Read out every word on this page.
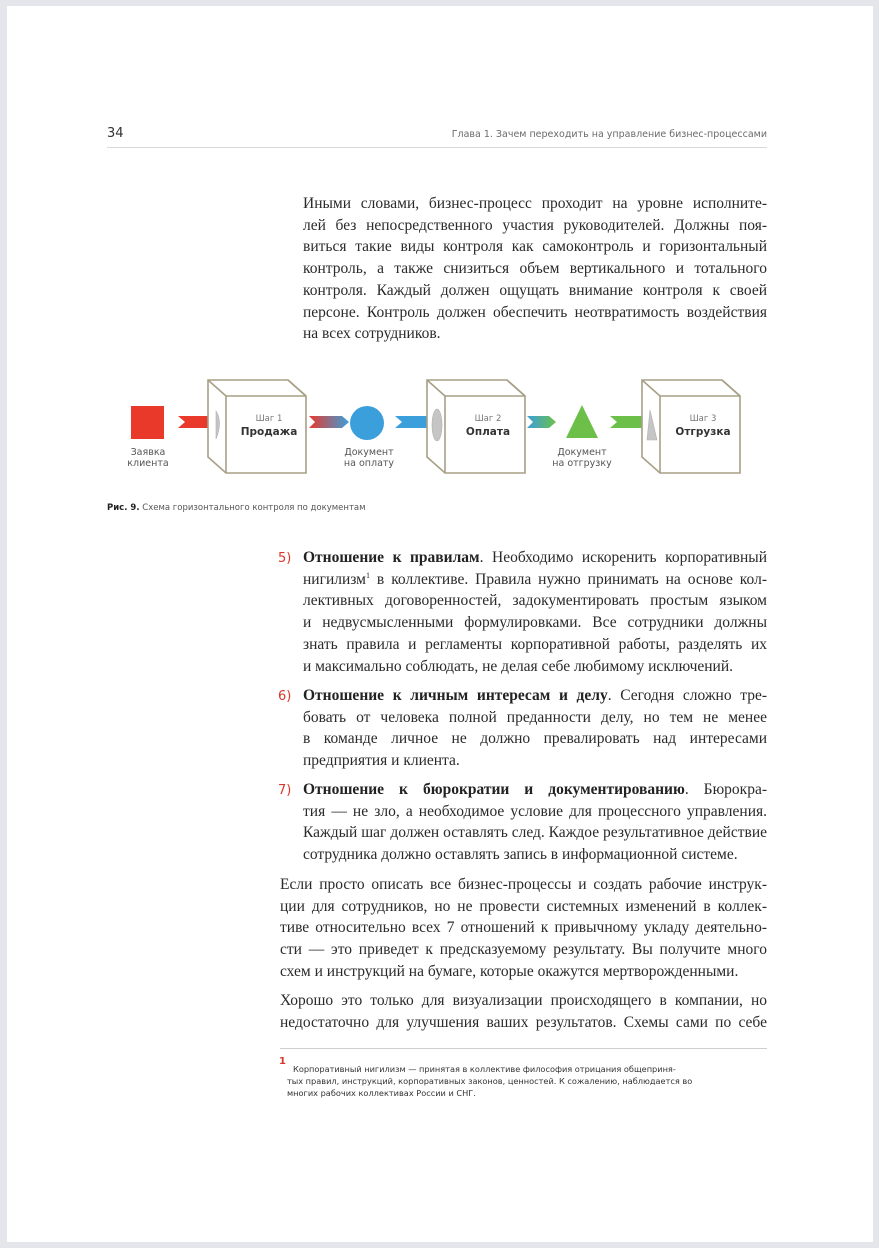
34	Глава 1. Зачем переходить на управление бизнес-процессами
Иными словами, бизнес-процесс проходит на уровне исполните-
лей без непосредственного участия руководителей. Должны поя-
виться такие виды контроля как самоконтроль и горизонтальный
контроль, а также снизиться объем вертикального и тотального
контроля. Каждый должен ощущать внимание контроля к своей
персоне. Контроль должен обеспечить неотвратимость воздействия
на всех сотрудников.
Заявка
клиента
Шаг 1
Продажа
Документ
на оплату
Шаг 2
Оплата
Документ
на отгрузку
Шаг 3
Отгрузка
Рис. 9. Схема горизонтального контроля по документам
5) Отношение к правилам. Необходимо искоренить корпоративный
нигилизм$^1$ в коллективе. Правила нужно принимать на основе кол-
лективных договоренностей, задокументировать простым языком
и недвусмысленными формулировками. Все сотрудники должны
знать правила и регламенты корпоративной работы, разделять их
и максимально соблюдать, не делая себе любимому исключений.
6) Отношение к личным интересам и делу. Сегодня сложно тре-
бовать от человека полной преданности делу, но тем не менее
в команде личное не должно превалировать над интересами
предприятия и клиента.
7) Отношение к бюрократии и документированию. Бюрокра-
тия — не зло, а необходимое условие для процессного управления.
Каждый шаг должен оставлять след. Каждое результативное действие
сотрудника должно оставлять запись в информационной системе.
Если просто описать все бизнес-процессы и создать рабочие инструк-
ции для сотрудников, но не провести системных изменений в коллек-
тиве относительно всех 7 отношений к привычному укладу деятельно-
сти — это приведет к предсказуемому результату. Вы получите много
схем и инструкций на бумаге, которые окажутся мертворожденными.
Хорошо это только для визуализации происходящего в компании, но
недостаточно для улучшения ваших результатов. Схемы сами по себе
1
Корпоративный нигилизм — принятая в коллективе философия отрицания общеприня-
тых правил, инструкций, корпоративных законов, ценностей. К сожалению, наблюдается во
многих рабочих коллективах России и СНГ.
